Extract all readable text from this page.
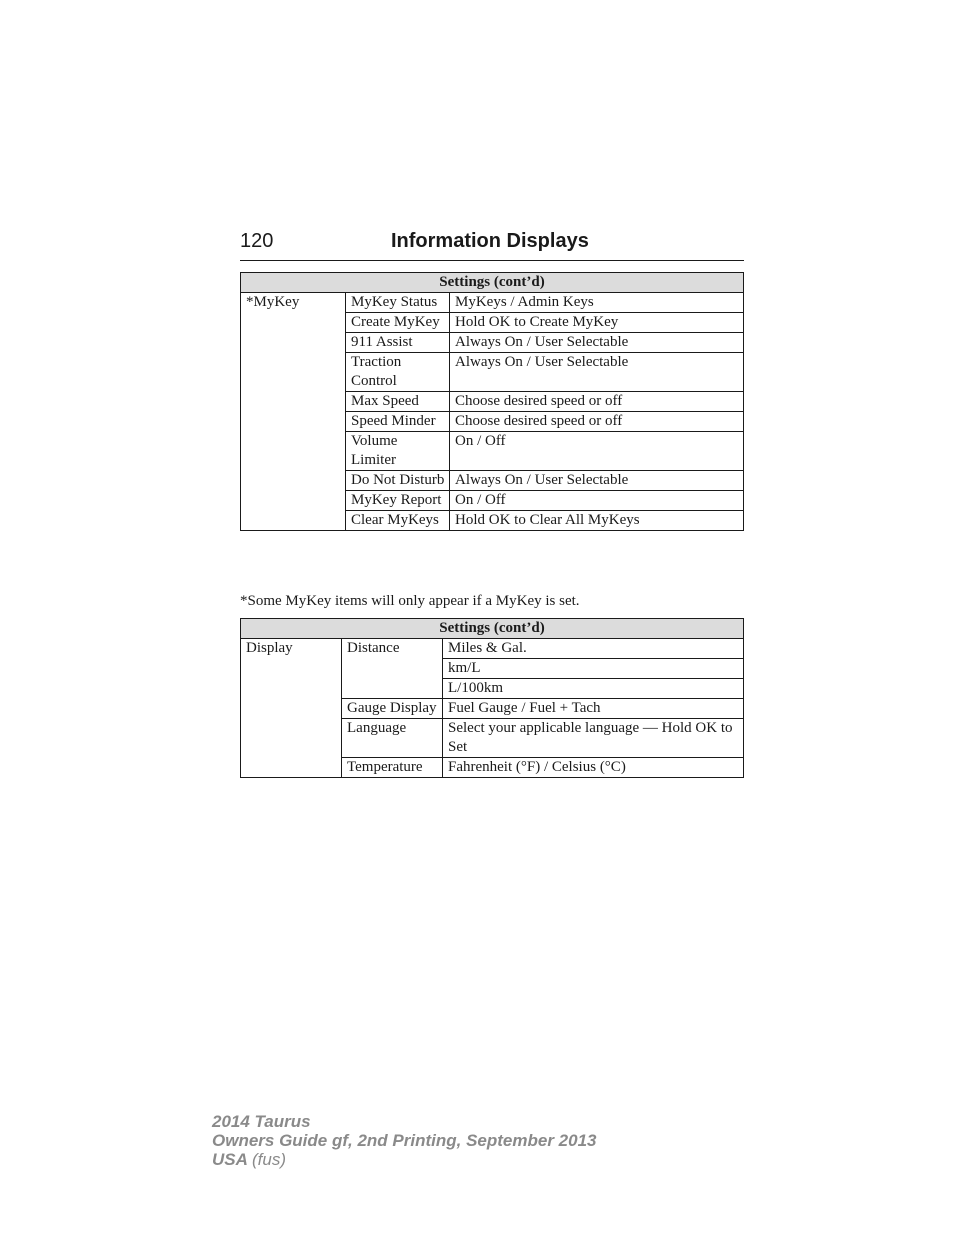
120	Information Displays
Settings (cont’d)		
*MyKey	MyKey Status	MyKeys / Admin Keys
	Create MyKey	Hold OK to Create MyKey
	911 Assist	Always On / User Selectable
	Traction Control	Always On / User Selectable
	Max Speed	Choose desired speed or off
	Speed Minder	Choose desired speed or off
	Volume Limiter	On / Off
	Do Not Disturb	Always On / User Selectable
	MyKey Report	On / Off
	Clear MyKeys	Hold OK to Clear All MyKeys
*Some MyKey items will only appear if a MyKey is set.
Settings (cont’d)		
Display	Distance	Miles & Gal.
		km/L
		L/100km
	Gauge Display	Fuel Gauge / Fuel + Tach
	Language	Select your applicable language — Hold OK to Set
	Temperature	Fahrenheit (°F) / Celsius (°C)
2014 Taurus
Owners Guide gf, 2nd Printing, September 2013
USA (fus)
